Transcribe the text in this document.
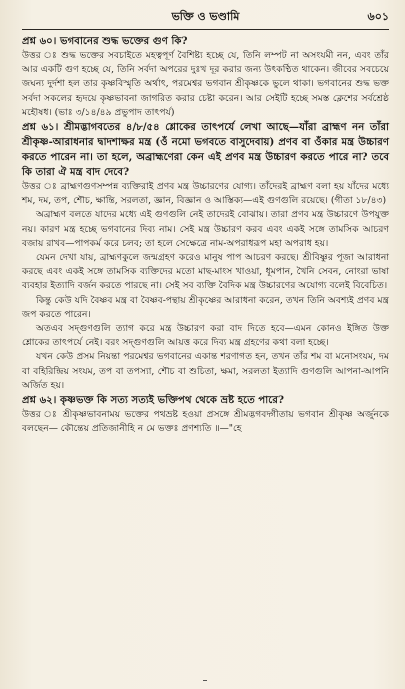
ভক্তি ও ভণ্ডামি	৬০১

প্রশ্ন ৬০। ভগবানের শুদ্ধ ভক্তের গুণ কি?

উত্তর ঃ শুদ্ধ ভক্তের সবচাইতে মহত্বপূর্ণ বৈশিষ্ট্য হচ্ছে যে, তিনি লম্পট না অসংযমী নন, এবং তাঁর আর একটি গুণ হচ্ছে যে, তিনি সর্বদা অপরের দুঃখ দূর করার জন্য উৎকণ্ঠিত থাকেন। জীবের সবচেয়ে জঘন্য দুর্দশা হল তার কৃষ্ণবিস্মৃতি অর্থাৎ, পরমেশ্বর ভগবান শ্রীকৃষ্ণকে ভুলে থাকা। ভগবানের শুদ্ধ ভক্ত সর্বদা সকলের হৃদয়ে কৃষ্ণভাবনা জাগরিত করার চেষ্টা করেন। আর সেইটি হচ্ছে সমস্ত ক্লেশের সর্বশ্রেষ্ঠ মহৌষধ। (ভাঃ ৩/১৪/৪৯ প্রভুপাদ তাৎপর্য)

প্রশ্ন ৬১। শ্রীমদ্ভাগবতের ৪/৮/৫৪ শ্লোকের তাৎপর্যে লেখা আছে—যাঁরা ব্রাহ্মণ নন তাঁরা শ্রীকৃষ্ণ-আরাধনার দ্বাদশাক্ষর মন্ত্র (ওঁ নমো ভগবতে বাসুদেবায়) প্রণব বা ওঁকার মন্ত্র উচ্চারণ করতে পারেন না। তা হলে, অব্রাহ্মণেরা কেন এই প্রণব মন্ত্র উচ্চারণ করতে পারে না? তবে কি তারা ঐ মন্ত্র বাদ দেবে?

উত্তর ঃ ব্রাহ্মণগুণসম্পন্ন ব্যক্তিরাই প্রণব মন্ত্র উচ্চারণের যোগ্য। তাঁদেরই ব্রাহ্মণ বলা হয় যাঁদের মধ্যে শম, দম, তপ, শৌচ, ক্ষান্তি, সরলতা, জ্ঞান, বিজ্ঞান ও আস্তিক্য—এই গুণগুলি রয়েছে। (গীতা ১৮/৪৩)

অব্রাহ্মণ বলতে যাদের মধ্যে এই গুণগুলি নেই তাদেরই বোঝায়। তারা প্রণব মন্ত্র উচ্চারণে উপযুক্ত নয়। কারণ মন্ত্র হচ্ছে ভগবানের দিব্য নাম। সেই মন্ত্র উচ্চারণ করব এবং একই সঙ্গে তামসিক আচরণ বজায় রাখব—পাপকর্ম করে চলব; তা হলে সেক্ষেত্রে নাম-অপরাধরূপ মহা অপরাধ হয়।

যেমন দেখা যায়, ব্রাহ্মণকুলে জন্মগ্রহণ করেও মানুষ পাপ আচরণ করছে। শ্রীবিষ্ণুর পূজা আরাধনা করছে এবং একই সঙ্গে তামসিক ব্যক্তিদের মতো মাছ-মাংস খাওয়া, ধূমপান, খৈনি সেবন, নোংরা ভাষা ব্যবহার ইত্যাদি বর্জন করতে পারছে না। সেই সব ব্যক্তি বৈদিক মন্ত্র উচ্চারণের অযোগ্য বলেই বিবেচিত।

কিন্তু কেউ যদি বৈষ্ণব মন্ত্র বা বৈষ্ণব-পন্থায় শ্রীকৃষ্ণের আরাধনা করেন, তখন তিনি অবশ্যই প্রণব মন্ত্র জপ করতে পারেন।

অতএব সদ্গুণগুলি ত্যাগ করে মন্ত্র উচ্চারণ করা বাদ দিতে হবে—এমন কোনও ইঙ্গিত উক্ত শ্লোকের তাৎপর্যে নেই। বরং সদ্গুণগুলি আয়ত্ত করে দিব্য মন্ত্র গ্রহণের কথা বলা হচ্ছে।

যখন কেউ প্রসম নিয়ন্তা পরমেশ্বর ভগবানের একান্ত শরণাগত হন, তখন তাঁর শম বা মনোসংযম, দম বা বহিরিন্দ্রিয় সংযম, তপ বা তপস্যা, শৌচ বা শুচিতা, ক্ষমা, সরলতা ইত্যাদি গুণগুলি আপনা-আপনি অর্জিত হয়।

প্রশ্ন ৬২। কৃষ্ণভক্ত কি সত্য সত্যই ভক্তিপথ থেকে ভ্রষ্ট হতে পারে?

উত্তর ঃ শ্রীকৃষ্ণভাবনাময় ভক্তের পথভ্রষ্ট হওয়া প্রসঙ্গে শ্রীমদ্ভগবদ্গীতায় ভগবান শ্রীকৃষ্ণ অর্জুনকে বলছেন— কৌন্তেয় প্রতিজানীহি ন মে ভক্তঃ প্রণশ্যতি ॥—"হে
